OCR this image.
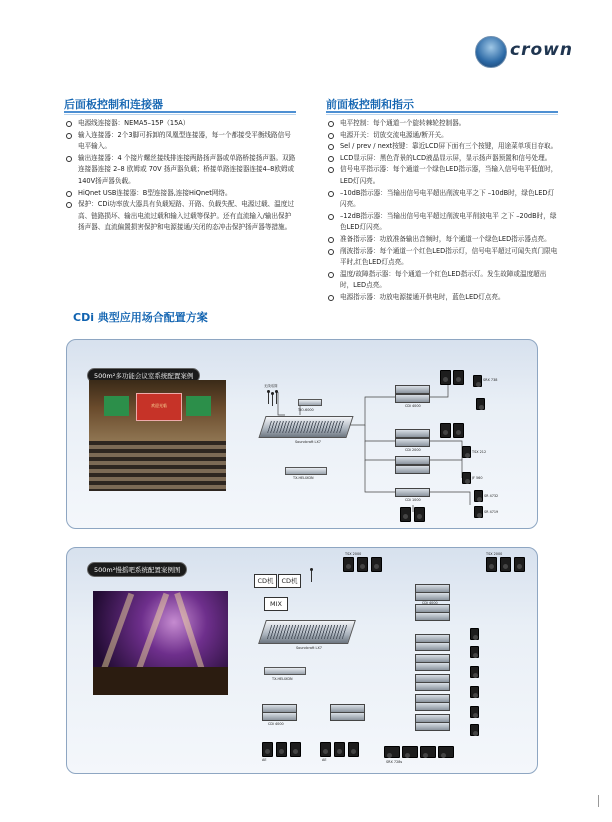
crown
后面板控制和连接器
电源线连接器：NEMA5–15P（15A）
输入连接器：2个3脚可拆卸的凤凰型连接器，每一个都接受平衡线路信号电平输入。
输出连接器：4 个接片螺丝接线排连接两路扬声器或单路桥接扬声器。双路连接器连接 2–8 欧姆或 70V 扬声器负载；桥接单路连接器连接4–8欧姆或140V扬声器负载。
HiQnet USB连接器：B型连接器,连接HiQnet网络。
保护：CDi功率放大器具有负载短路、开路、负载失配、电源过载、温度过高、链路损坏、输出电流过载和输入过载等保护。还有直流输入/输出保护扬声器、直流偏置损害保护和电源接通/关闭的态冲击保护扬声器等措施。
前面板控制和指示
电平控制：每个通道一个旋转棘轮控制器。
电源开关：切放交流电源通/断开关。
Sel / prev / next按键：靠近LCD屏下面有三个按键，用途菜单项目存取。
LCD显示屏：黑色背景的LCD液晶显示屏，显示扬声器预置和信号处理。
信号电平指示器：每个通道一个绿色LED指示器，当输入信号电平低值时，LED灯闪亮。
–10dB指示器：当输出信号电平超出削波电平之下 –10dB时，绿色LED灯闪亮。
–12dB指示器：当输出信号电平超过削波电平削波电平 之下 –20dB时，绿色LED灯闪亮。
准备指示器：功放准备输出音频时，每个通道一个绿色LED指示器点亮。
削波指示器：每个通道一个红色LED指示灯，信号电平超过可闻失真门限电平时,红色LED灯点亮。
温度/故障指示器：每个通道一个红色LED指示灯。发生故障或温度超出时，LED点亮。
电源指示器：功放电源接通开供电时，蓝色LED灯点亮。
CDi 典型应用场合配置方案
500m²多功能会议室系统配置案例
欢迎光临
无线话筒
TIO-6000
Soundcraft LX7
TX-HELIXDN
CDi 4000
CDi 2000
CDi 1000
SRX 738
TSX 212
JF 560
SR 4732
SR 4719
500m²慢摇吧系统配置案例图
CD机	CD机
MIX
Soundcraft LX7
TX-HELIXDN
CDi 4000
CDi 4000
TSX 2000	TSX 2000
AE	AE	SRX 728s
